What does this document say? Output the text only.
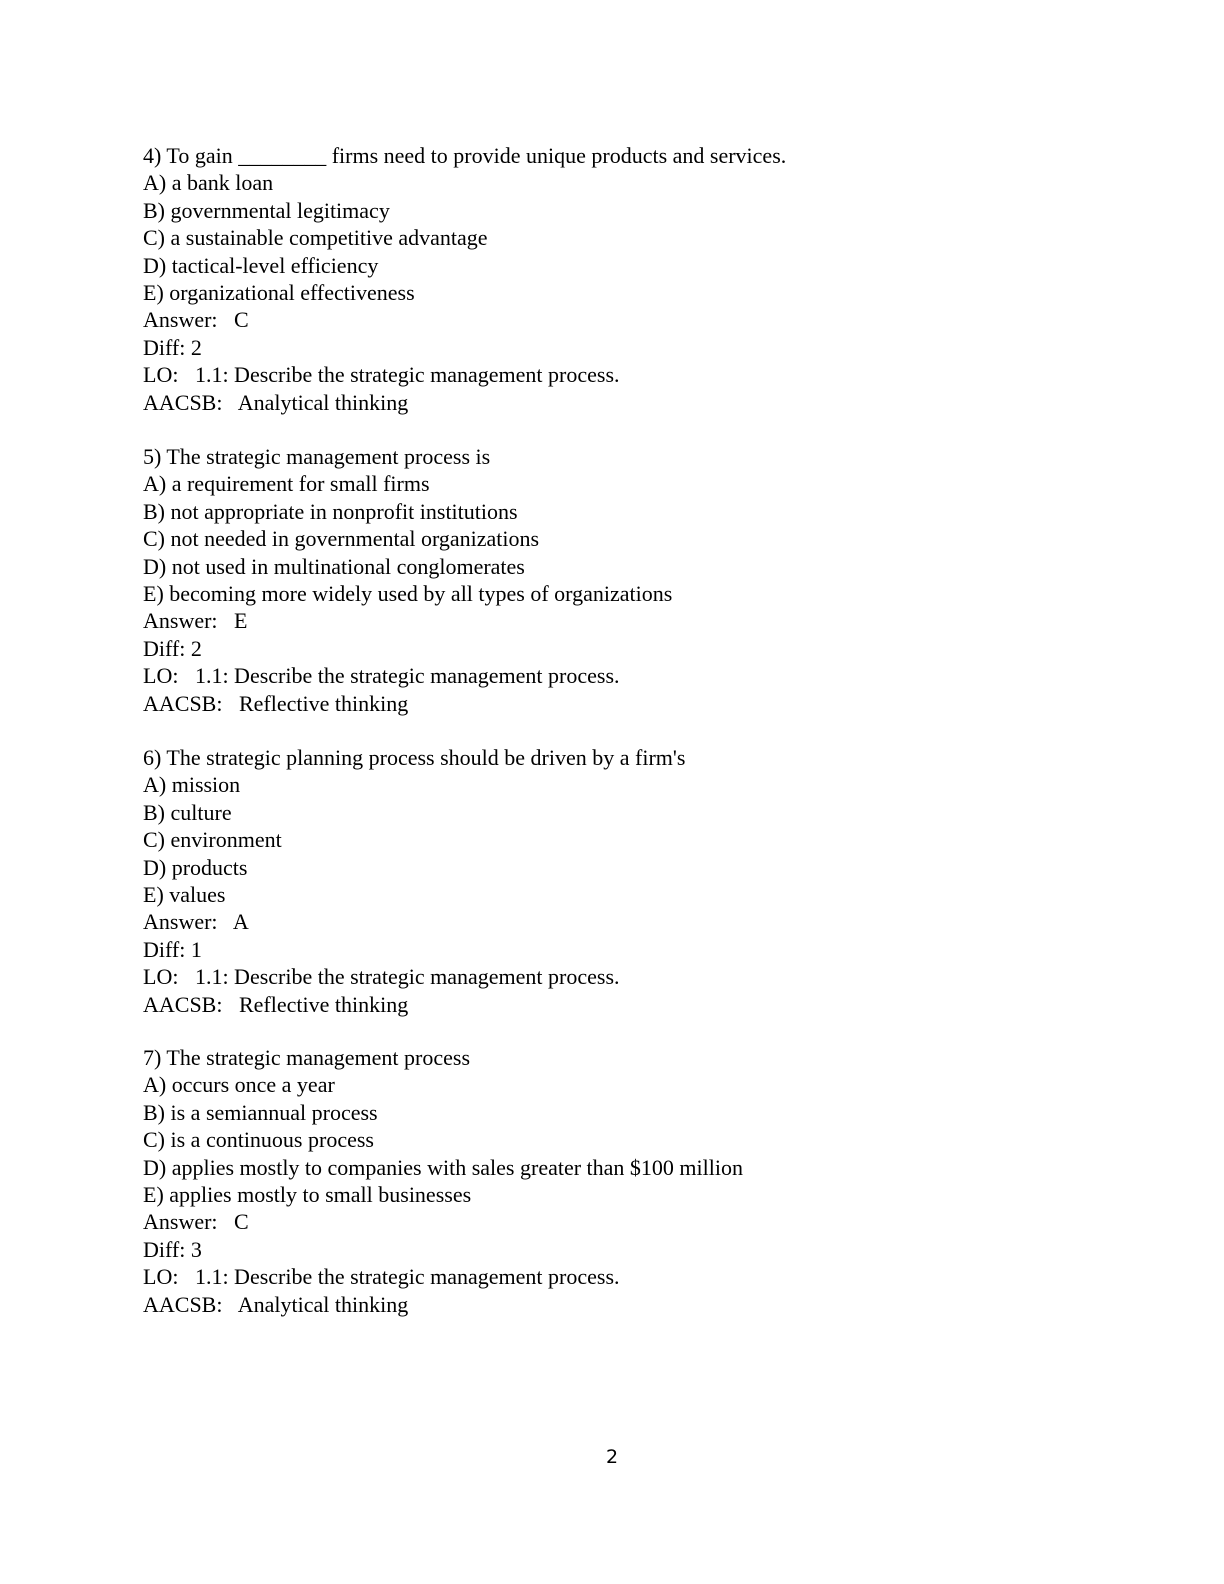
4) To gain ________ firms need to provide unique products and services.
A) a bank loan
B) governmental legitimacy
C) a sustainable competitive advantage
D) tactical-level efficiency
E) organizational effectiveness
Answer:   C
Diff: 2
LO:   1.1: Describe the strategic management process.
AACSB:   Analytical thinking
5) The strategic management process is
A) a requirement for small firms
B) not appropriate in nonprofit institutions
C) not needed in governmental organizations
D) not used in multinational conglomerates
E) becoming more widely used by all types of organizations
Answer:   E
Diff: 2
LO:   1.1: Describe the strategic management process.
AACSB:   Reflective thinking
6) The strategic planning process should be driven by a firm's
A) mission
B) culture
C) environment
D) products
E) values
Answer:   A
Diff: 1
LO:   1.1: Describe the strategic management process.
AACSB:   Reflective thinking
7) The strategic management process
A) occurs once a year
B) is a semiannual process
C) is a continuous process
D) applies mostly to companies with sales greater than $100 million
E) applies mostly to small businesses
Answer:   C
Diff: 3
LO:   1.1: Describe the strategic management process.
AACSB:   Analytical thinking
2
